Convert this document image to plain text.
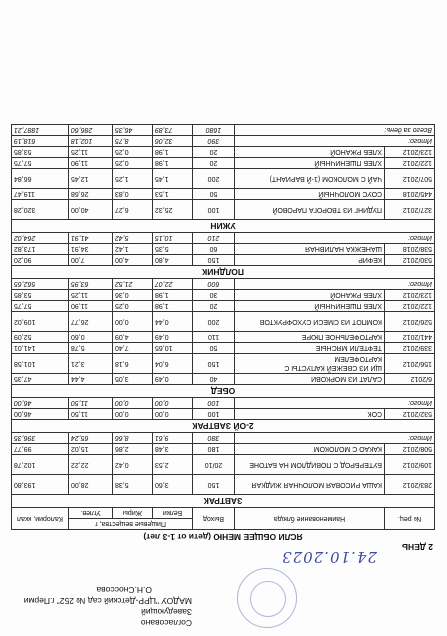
Согласовано
Заведующий
МАДОУ "ЦРР-Детский сад № 252" г.Перми
О.Н.Сноссова
24.10.2023
2 ДЕНЬ
ЯСЛИ ОБЩЕЕ МЕНЮ (дети от 1-3 лет)
№ рец.	Наименование блюда	Выход	Пищевые вещества, г			Калории, ккал
			Белки	Жиры	Углев.	
ЗАВТРАК						
283/2012	КАША РИСОВАЯ МОЛОЧНАЯ ЖИДКАЯ	150	3,60	5,38	28,00	193,80
109/2012	БУТЕРБРОД С ПОВИДЛОМ НА БАТОНЕ	20/10	2,53	0,42	22,22	102,78
508/2012	КАКАО С МОЛОКОМ	180	3,48	2,86	15,02	99,77
Итого:		380	9,61	8,66	65,24	396,35
2-ОЙ ЗАВТРАК						
532/2012	СОК	100	0,00	0,00	11,50	46,00
Итого:		100	0,00	0,00	11,50	46,00
ОБЕД						
6/2012	САЛАТ ИЗ МОРКОВИ	40	0,49	3,05	4,44	47,35
156/2012	ЩИ ИЗ СВЕЖЕЙ КАПУСТЫ С КАРТОФЕЛЕМ	150	6,04	6,18	3,21	101,58
339/2012	ТЕФТЕЛИ МЯСНЫЕ	50	10,65	7,40	5,78	141,01
441/2012	КАРТОФЕЛЬНОЕ ПЮРЕ	110	0,49	4,09	0,60	52,09
526/2012	КОМПОТ ИЗ СМЕСИ СУХОФРУКТОВ	200	0,44	0,00	26,77	109,02
122/2012	ХЛЕБ ПШЕНИЧНЫЙ	20	1,98	0,25	11,90	57,75
123/2012	ХЛЕБ РЖАНОЙ	30	1,98	0,36	11,25	53,85
Итого:		600	22,07	21,52	63,95	562,65
ПОЛДНИК						
530/2012	КЕФИР	150	4,80	4,00	7,00	90,20
538/2018	ШАНЕЖКА НАЛИВНАЯ	60	5,35	1,42	34,91	173,82
Итого:		210	10,15	5,42	41,91	264,02
УЖИН						
327/2012	ПУДИНГ ИЗ ТВОРОГА ПАРОВОЙ	100	25,32	6,27	40,00	320,28
445/2018	СОУС МОЛОЧНЫЙ	50	1,53	0,83	26,68	119,47
507/2012	ЧАЙ С МОЛОКОМ (1-Й ВАРИАНТ)	200	1,45	1,25	12,45	66,84
122/2012	ХЛЕБ ПШЕНИЧНЫЙ	20	1,98	0,25	11,90	57,75
123/2012	ХЛЕБ РЖАНОЙ	20	1,98	0,25	11,25	53,85
Итого:		390	32,06	8,75	102,18	618,19
Всего за день:		1680	73,89	46,35	286,60	1887,21
